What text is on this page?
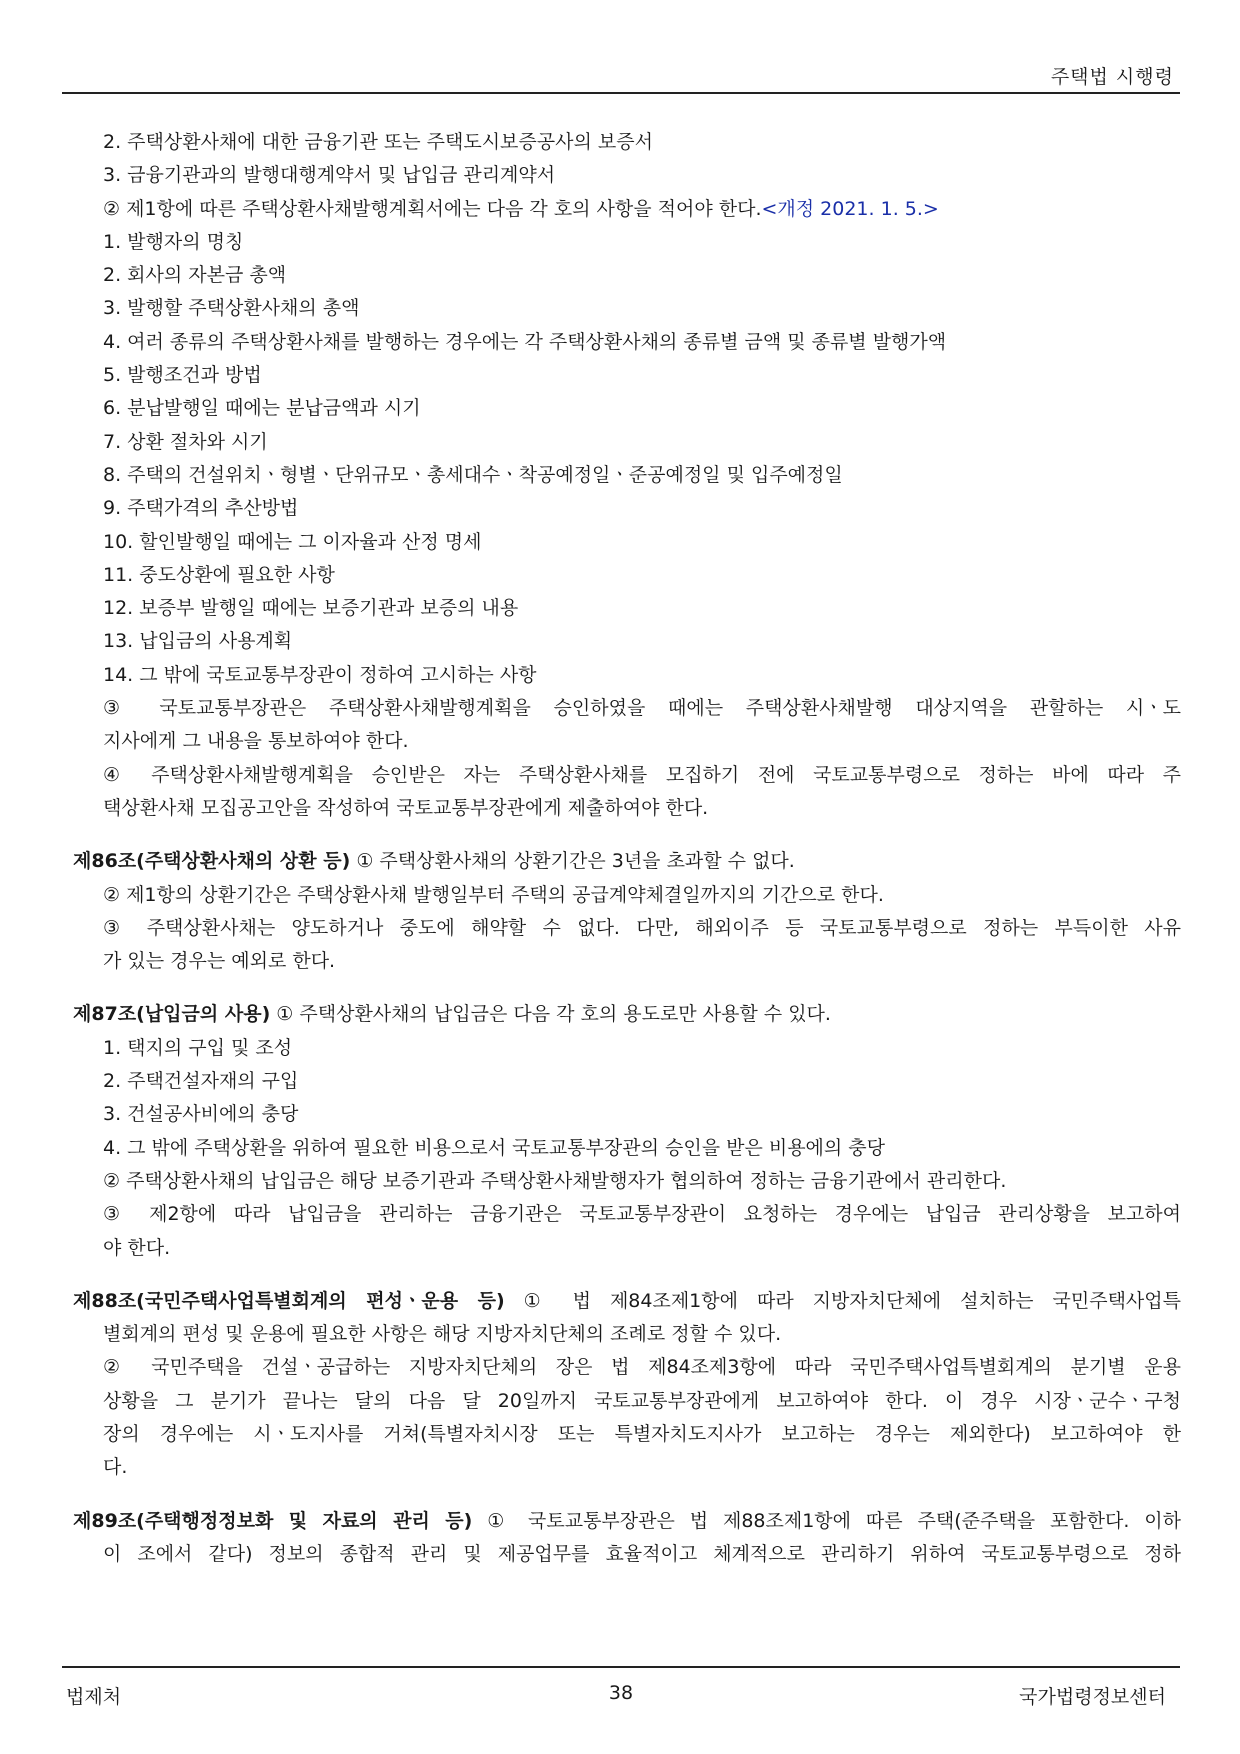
주택법 시행령
2. 주택상환사채에 대한 금융기관 또는 주택도시보증공사의 보증서
3. 금융기관과의 발행대행계약서 및 납입금 관리계약서
② 제1항에 따른 주택상환사채발행계획서에는 다음 각 호의 사항을 적어야 한다.<개정 2021. 1. 5.>
1. 발행자의 명칭
2. 회사의 자본금 총액
3. 발행할 주택상환사채의 총액
4. 여러 종류의 주택상환사채를 발행하는 경우에는 각 주택상환사채의 종류별 금액 및 종류별 발행가액
5. 발행조건과 방법
6. 분납발행일 때에는 분납금액과 시기
7. 상환 절차와 시기
8. 주택의 건설위치ㆍ형별ㆍ단위규모ㆍ총세대수ㆍ착공예정일ㆍ준공예정일 및 입주예정일
9. 주택가격의 추산방법
10. 할인발행일 때에는 그 이자율과 산정 명세
11. 중도상환에 필요한 사항
12. 보증부 발행일 때에는 보증기관과 보증의 내용
13. 납입금의 사용계획
14. 그 밖에 국토교통부장관이 정하여 고시하는 사항
③ 국토교통부장관은 주택상환사채발행계획을 승인하였을 때에는 주택상환사채발행 대상지역을 관할하는 시ㆍ도
지사에게 그 내용을 통보하여야 한다.
④ 주택상환사채발행계획을 승인받은 자는 주택상환사채를 모집하기 전에 국토교통부령으로 정하는 바에 따라 주
택상환사채 모집공고안을 작성하여 국토교통부장관에게 제출하여야 한다.
제86조(주택상환사채의 상환 등) ① 주택상환사채의 상환기간은 3년을 초과할 수 없다.
② 제1항의 상환기간은 주택상환사채 발행일부터 주택의 공급계약체결일까지의 기간으로 한다.
③ 주택상환사채는 양도하거나 중도에 해약할 수 없다. 다만, 해외이주 등 국토교통부령으로 정하는 부득이한 사유
가 있는 경우는 예외로 한다.
제87조(납입금의 사용) ① 주택상환사채의 납입금은 다음 각 호의 용도로만 사용할 수 있다.
1. 택지의 구입 및 조성
2. 주택건설자재의 구입
3. 건설공사비에의 충당
4. 그 밖에 주택상환을 위하여 필요한 비용으로서 국토교통부장관의 승인을 받은 비용에의 충당
② 주택상환사채의 납입금은 해당 보증기관과 주택상환사채발행자가 협의하여 정하는 금융기관에서 관리한다.
③ 제2항에 따라 납입금을 관리하는 금융기관은 국토교통부장관이 요청하는 경우에는 납입금 관리상황을 보고하여
야 한다.
제88조(국민주택사업특별회계의 편성ㆍ운용 등) ① 법 제84조제1항에 따라 지방자치단체에 설치하는 국민주택사업특
별회계의 편성 및 운용에 필요한 사항은 해당 지방자치단체의 조례로 정할 수 있다.
② 국민주택을 건설ㆍ공급하는 지방자치단체의 장은 법 제84조제3항에 따라 국민주택사업특별회계의 분기별 운용
상황을 그 분기가 끝나는 달의 다음 달 20일까지 국토교통부장관에게 보고하여야 한다. 이 경우 시장ㆍ군수ㆍ구청
장의 경우에는 시ㆍ도지사를 거쳐(특별자치시장 또는 특별자치도지사가 보고하는 경우는 제외한다) 보고하여야 한
다.
제89조(주택행정정보화 및 자료의 관리 등) ① 국토교통부장관은 법 제88조제1항에 따른 주택(준주택을 포함한다. 이하
이 조에서 같다) 정보의 종합적 관리 및 제공업무를 효율적이고 체계적으로 관리하기 위하여 국토교통부령으로 정하
법제처	38	국가법령정보센터
